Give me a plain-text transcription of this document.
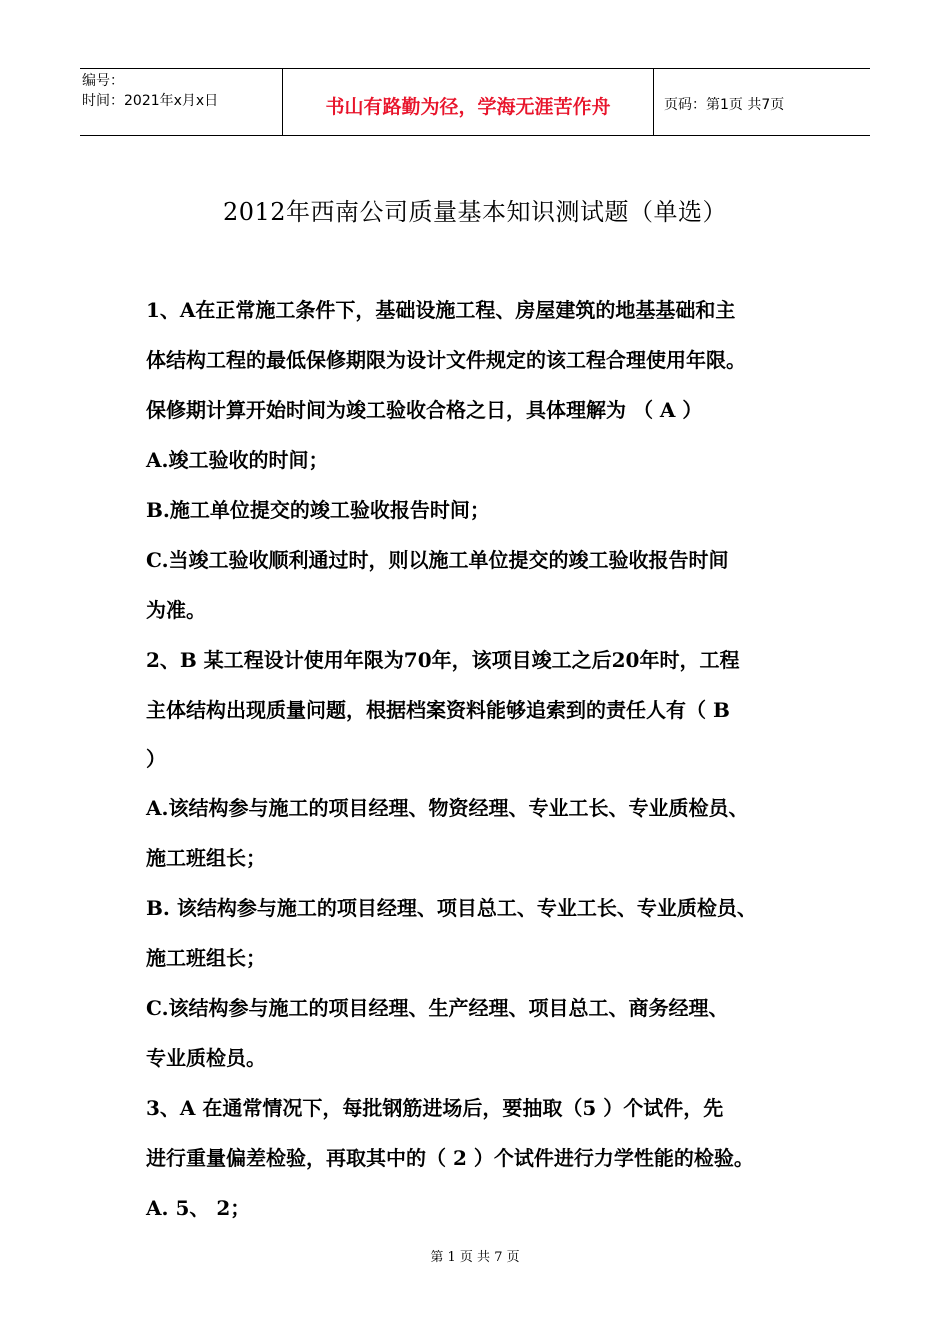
编号：
时间：2021年x月x日	书山有路勤为径，学海无涯苦作舟	页码：第1页 共7页
2012年西南公司质量基本知识测试题（单选）
1、A在正常施工条件下，基础设施工程、房屋建筑的地基基础和主
体结构工程的最低保修期限为设计文件规定的该工程合理使用年限。
保修期计算开始时间为竣工验收合格之日，具体理解为 （ A ）
A.竣工验收的时间；
B.施工单位提交的竣工验收报告时间；
C.当竣工验收顺利通过时，则以施工单位提交的竣工验收报告时间
为准。
2、B 某工程设计使用年限为70年，该项目竣工之后20年时，工程
主体结构出现质量问题，根据档案资料能够追索到的责任人有（ B
）
A.该结构参与施工的项目经理、物资经理、专业工长、专业质检员、
施工班组长；
B. 该结构参与施工的项目经理、项目总工、专业工长、专业质检员、
施工班组长；
C.该结构参与施工的项目经理、生产经理、项目总工、商务经理、
专业质检员。
3、A 在通常情况下，每批钢筋进场后，要抽取（5 ）个试件，先
进行重量偏差检验，再取其中的（ 2 ）个试件进行力学性能的检验。
A. 5、 2；
第 1 页 共 7 页
